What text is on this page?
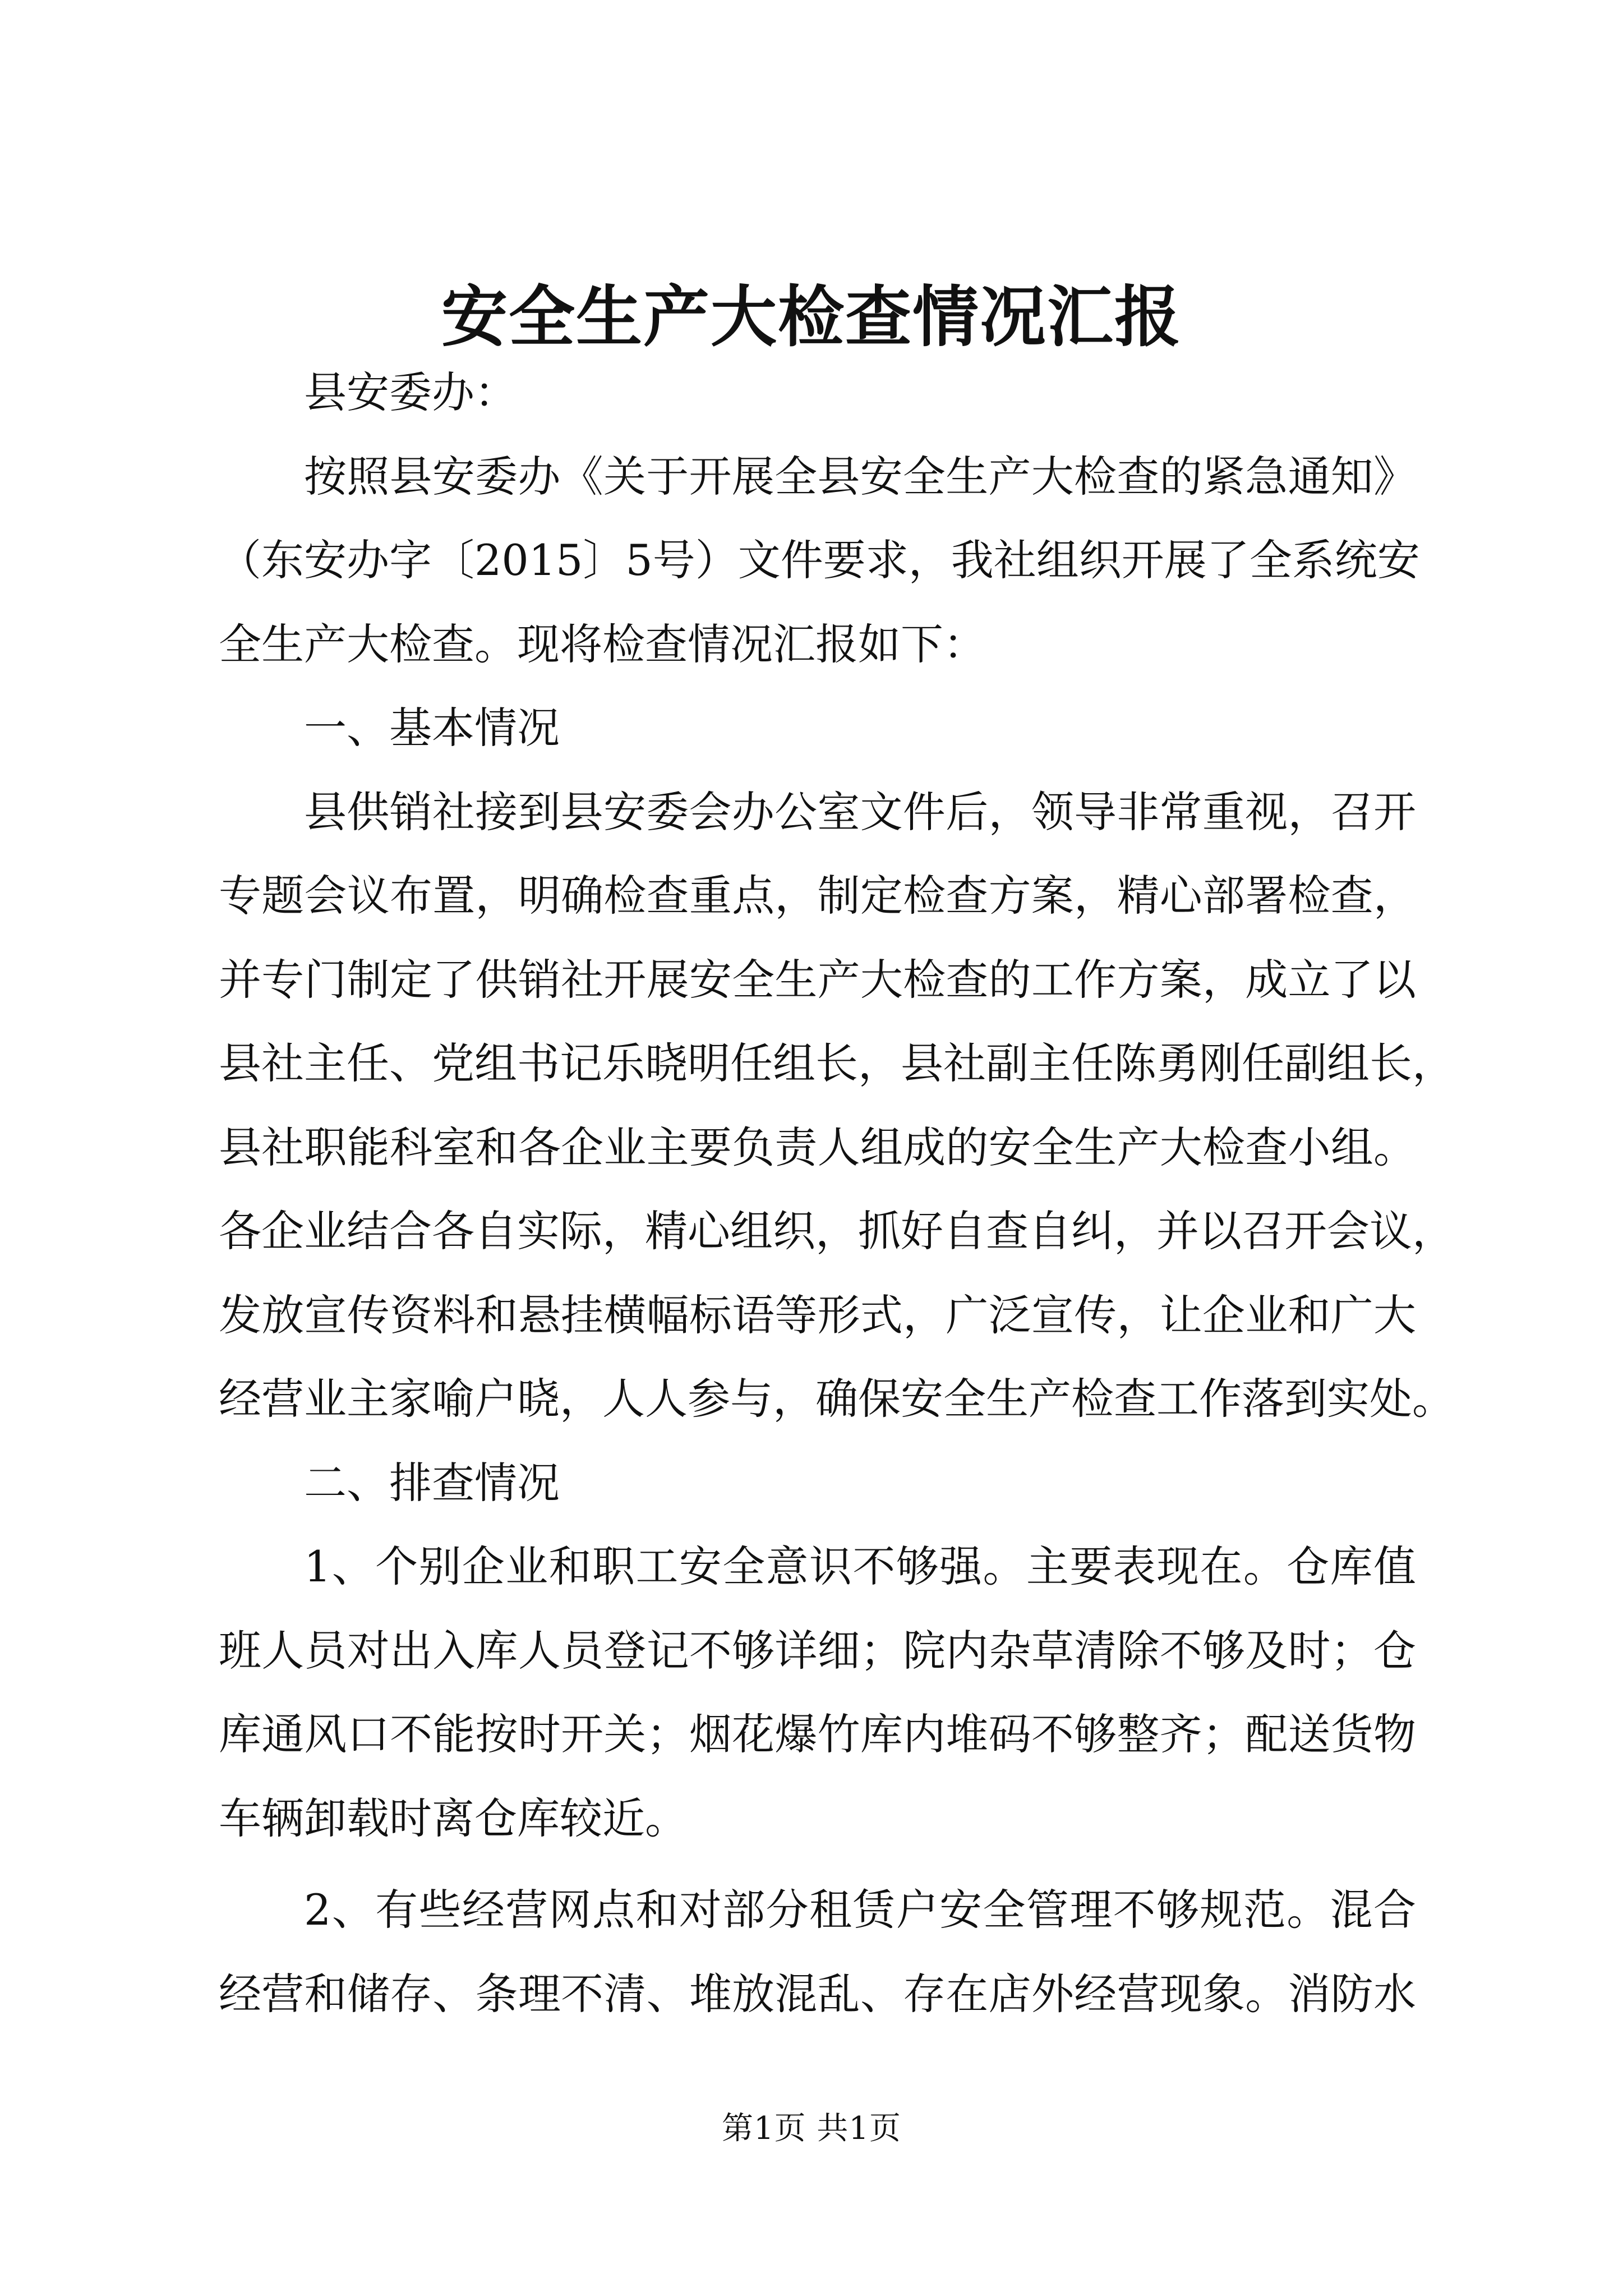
安全生产大检查情况汇报

县安委办：

按照县安委办《关于开展全县安全生产大检查的紧急通知》

（东安办字〔2015〕5号）文件要求，我社组织开展了全系统安

全生产大检查。现将检查情况汇报如下：

一、基本情况

县供销社接到县安委会办公室文件后，领导非常重视，召开

专题会议布置，明确检查重点，制定检查方案，精心部署检查，

并专门制定了供销社开展安全生产大检查的工作方案，成立了以

县社主任、党组书记乐晓明任组长，县社副主任陈勇刚任副组长，

县社职能科室和各企业主要负责人组成的安全生产大检查小组。

各企业结合各自实际，精心组织，抓好自查自纠，并以召开会议，

发放宣传资料和悬挂横幅标语等形式，广泛宣传，让企业和广大

经营业主家喻户晓，人人参与，确保安全生产检查工作落到实处。

二、排查情况

1、个别企业和职工安全意识不够强。主要表现在。仓库值

班人员对出入库人员登记不够详细；院内杂草清除不够及时；仓

库通风口不能按时开关；烟花爆竹库内堆码不够整齐；配送货物

车辆卸载时离仓库较近。

2、有些经营网点和对部分租赁户安全管理不够规范。混合

经营和储存、条理不清、堆放混乱、存在店外经营现象。消防水

第1页 共1页
